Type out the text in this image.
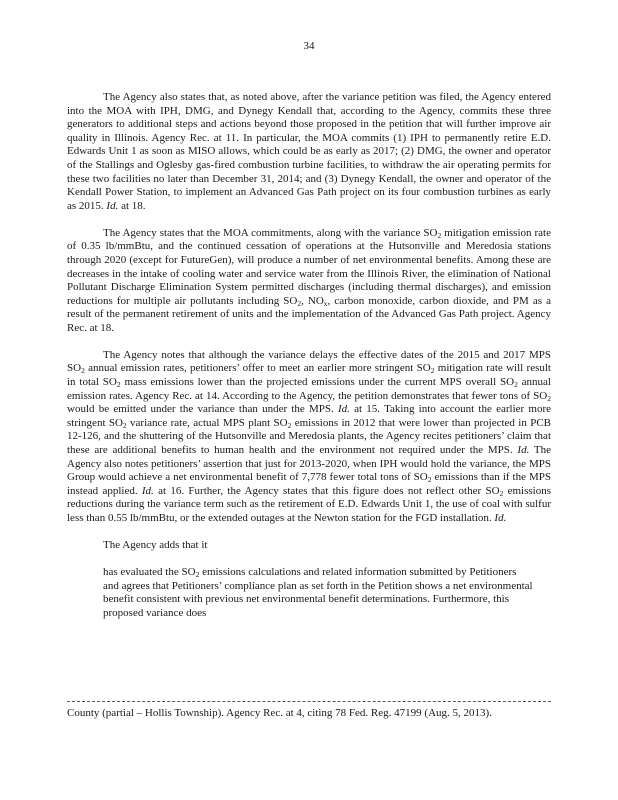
34

The Agency also states that, as noted above, after the variance petition was filed, the Agency entered into the MOA with IPH, DMG, and Dynegy Kendall that, according to the Agency, commits these three generators to additional steps and actions beyond those proposed in the petition that will further improve air quality in Illinois. Agency Rec. at 11. In particular, the MOA commits (1) IPH to permanently retire E.D. Edwards Unit 1 as soon as MISO allows, which could be as early as 2017; (2) DMG, the owner and operator of the Stallings and Oglesby gas-fired combustion turbine facilities, to withdraw the air operating permits for these two facilities no later than December 31, 2014; and (3) Dynegy Kendall, the owner and operator of the Kendall Power Station, to implement an Advanced Gas Path project on its four combustion turbines as early as 2015. Id. at 18.

The Agency states that the MOA commitments, along with the variance $SO_2$ mitigation emission rate of 0.35 lb/mmBtu, and the continued cessation of operations at the Hutsonville and Meredosia stations through 2020 (except for FutureGen), will produce a number of net environmental benefits. Among these are decreases in the intake of cooling water and service water from the Illinois River, the elimination of National Pollutant Discharge Elimination System permitted discharges (including thermal discharges), and emission reductions for multiple air pollutants including $SO_2$, $NO_x$, carbon monoxide, carbon dioxide, and PM as a result of the permanent retirement of units and the implementation of the Advanced Gas Path project. Agency Rec. at 18.

The Agency notes that although the variance delays the effective dates of the 2015 and 2017 MPS $SO_2$ annual emission rates, petitioners’ offer to meet an earlier more stringent $SO_2$ mitigation rate will result in total $SO_2$ mass emissions lower than the projected emissions under the current MPS overall $SO_2$ annual emission rates. Agency Rec. at 14. According to the Agency, the petition demonstrates that fewer tons of $SO_2$ would be emitted under the variance than under the MPS. Id. at 15. Taking into account the earlier more stringent $SO_2$ variance rate, actual MPS plant $SO_2$ emissions in 2012 that were lower than projected in PCB 12-126, and the shuttering of the Hutsonville and Meredosia plants, the Agency recites petitioners’ claim that these are additional benefits to human health and the environment not required under the MPS. Id. The Agency also notes petitioners’ assertion that just for 2013-2020, when IPH would hold the variance, the MPS Group would achieve a net environmental benefit of 7,778 fewer total tons of $SO_2$ emissions than if the MPS instead applied. Id. at 16. Further, the Agency states that this figure does not reflect other $SO_2$ emissions reductions during the variance term such as the retirement of E.D. Edwards Unit 1, the use of coal with sulfur less than 0.55 lb/mmBtu, or the extended outages at the Newton station for the FGD installation. Id.

The Agency adds that it

has evaluated the $SO_2$ emissions calculations and related information submitted by Petitioners and agrees that Petitioners’ compliance plan as set forth in the Petition shows a net environmental benefit consistent with previous net environmental benefit determinations. Furthermore, this proposed variance does
County (partial – Hollis Township). Agency Rec. at 4, citing 78 Fed. Reg. 47199 (Aug. 5, 2013).
